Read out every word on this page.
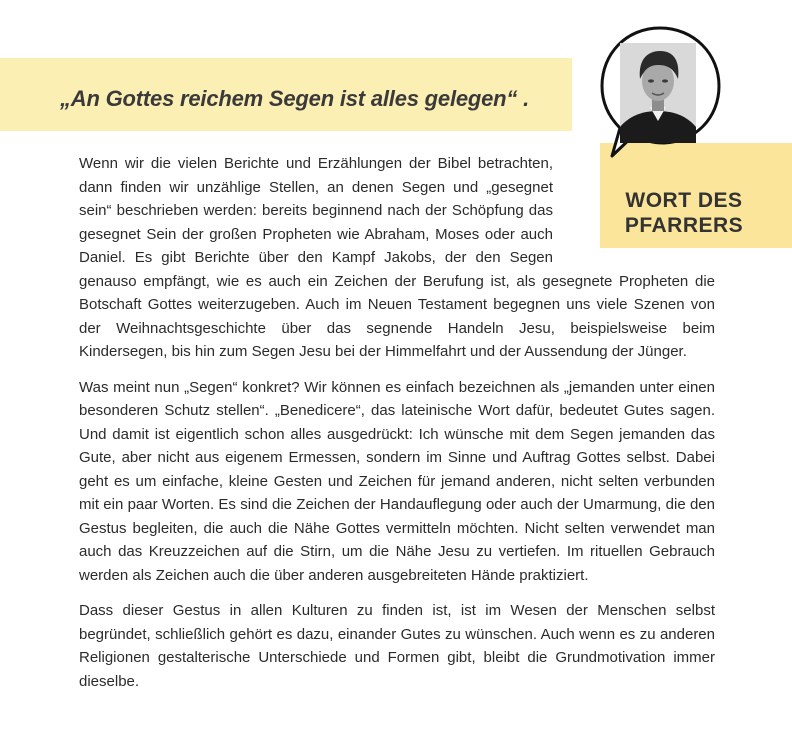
„An Gottes reichem Segen ist alles gelegen“ .
WORT DES
PFARRERS

Wenn wir die vielen Berichte und Erzählungen der Bibel betrachten, dann finden wir unzählige Stellen, an denen Segen und „gesegnet sein“ beschrieben werden: bereits beginnend nach der Schöpfung das gesegnet Sein der großen Propheten wie Abraham, Moses oder auch Daniel. Es gibt Berichte über den Kampf Jakobs, der den Segen genauso empfängt, wie es auch ein Zeichen der Berufung ist, als gesegnete Propheten die Botschaft Gottes weiterzugeben. Auch im Neuen Testament begegnen uns viele Szenen von der Weihnachtsgeschichte über das segnende Handeln Jesu, beispielsweise beim Kindersegen, bis hin zum Segen Jesu bei der Himmelfahrt und der Aussendung der Jünger.

Was meint nun „Segen“ konkret? Wir können es einfach bezeichnen als „jemanden unter einen besonderen Schutz stellen“. „Benedicere“, das lateinische Wort dafür, bedeutet Gutes sagen. Und damit ist eigentlich schon alles ausgedrückt: Ich wünsche mit dem Segen jemanden das Gute, aber nicht aus eigenem Ermessen, sondern im Sinne und Auftrag Gottes selbst. Dabei geht es um einfache, kleine Gesten und Zeichen für jemand anderen, nicht selten verbunden mit ein paar Worten. Es sind die Zeichen der Handauflegung oder auch der Umarmung, die den Gestus begleiten, die auch die Nähe Gottes vermitteln möchten. Nicht selten verwendet man auch das Kreuzzeichen auf die Stirn, um die Nähe Jesu zu vertiefen. Im rituellen Gebrauch werden als Zeichen auch die über anderen ausgebreiteten Hände praktiziert.

Dass dieser Gestus in allen Kulturen zu finden ist, ist im Wesen der Menschen selbst begründet, schließlich gehört es dazu, einander Gutes zu wünschen. Auch wenn es zu anderen Religionen gestalterische Unterschiede und Formen gibt, bleibt die Grundmotivation immer dieselbe.
